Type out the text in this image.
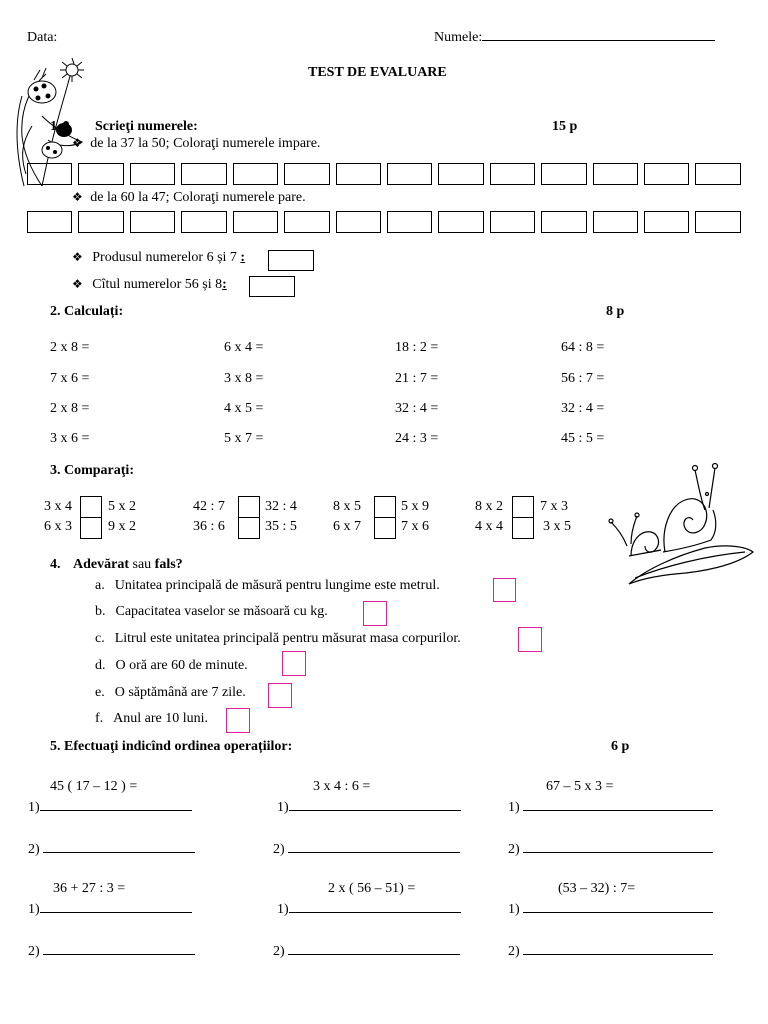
Data:	Numele:
TEST DE EVALUARE
1. Scrieţi numerele:	15 p
❖ de la 37 la 50; Coloraţi numerele impare.
❖ de la 60 la 47; Coloraţi numerele pare.
❖ Produsul numerelor 6 și 7 :
❖ Cîtul numerelor 56 și 8:
2. Calculați:	8 p
2 x 8 =	6 x 4 =	18 : 2 =	64 : 8 =
7 x 6 =	3 x 8 =	21 : 7 =	56 : 7 =
2 x 8 =	4 x 5 =	32 : 4 =	32 : 4 =
3 x 6 =	5 x 7 =	24 : 3 =	45 : 5 =
3. Comparaţi:
3 x 4	5 x 2	42 : 7	32 : 4	8 x 5	5 x 9	8 x 2	7 x 3
6 x 3	9 x 2	36 : 6	35 : 5	6 x 7	7 x 6	4 x 4	3 x 5
4. Adevărat sau fals?
a. Unitatea principală de măsură pentru lungime este metrul.
b. Capacitatea vaselor se măsoară cu kg.
c. Litrul este unitatea principală pentru măsurat masa corpurilor.
d. O oră are 60 de minute.
e. O săptămână are 7 zile.
f. Anul are 10 luni.
5. Efectuaţi indicînd ordinea operațiilor:	6 p
45 ( 17 – 12 ) =	3 x 4 : 6 =	67 – 5 x 3 =
1)	1)	1)
2)	2)	2)
36 + 27 : 3 =	2 x ( 56 – 51) =	(53 – 32) : 7=
1)	1)	1)
2)	2)	2)
